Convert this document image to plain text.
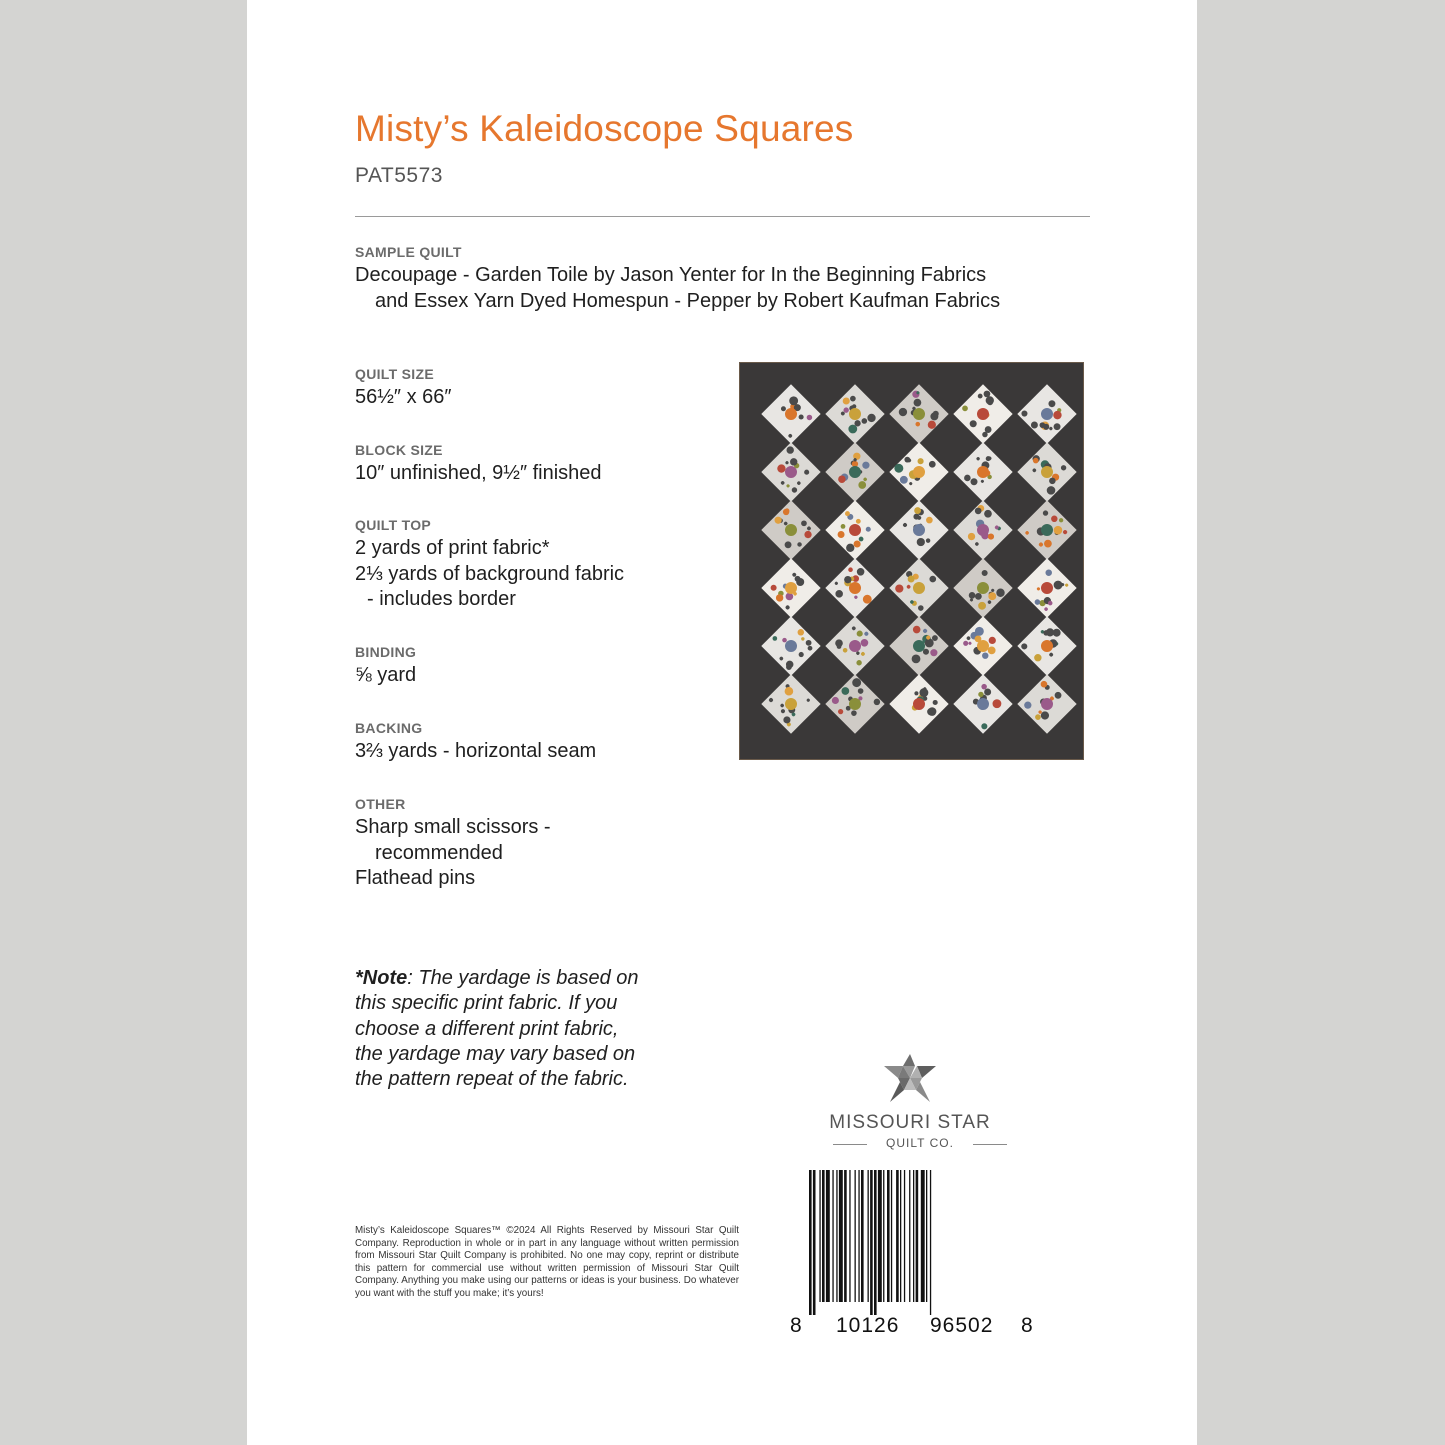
Misty’s Kaleidoscope Squares
PAT5573
SAMPLE QUILT
Decoupage - Garden Toile by Jason Yenter for In the Beginning Fabrics
and Essex Yarn Dyed Homespun - Pepper by Robert Kaufman Fabrics
QUILT SIZE
56½″ x 66″
BLOCK SIZE
10″ unfinished, 9½″ finished
QUILT TOP
2 yards of print fabric*
2⅓ yards of background fabric
- includes border
BINDING
⅝ yard
BACKING
3⅔ yards - horizontal seam
OTHER
Sharp small scissors -
recommended
Flathead pins
*Note: The yardage is based on
this specific print fabric. If you
choose a different print fabric,
the yardage may vary based on
the pattern repeat of the fabric.
MISSOURI STAR
QUILT CO.
8 10126 96502 8
Misty’s Kaleidoscope Squares™ ©2024 All Rights Reserved by Missouri Star Quilt Company. Reproduction in whole or in part in any language without written permission from Missouri Star Quilt Company is prohibited. No one may copy, reprint or distribute this pattern for commercial use without written permission of Missouri Star Quilt Company. Anything you make using our patterns or ideas is your business. Do whatever you want with the stuff you make; it’s yours!
